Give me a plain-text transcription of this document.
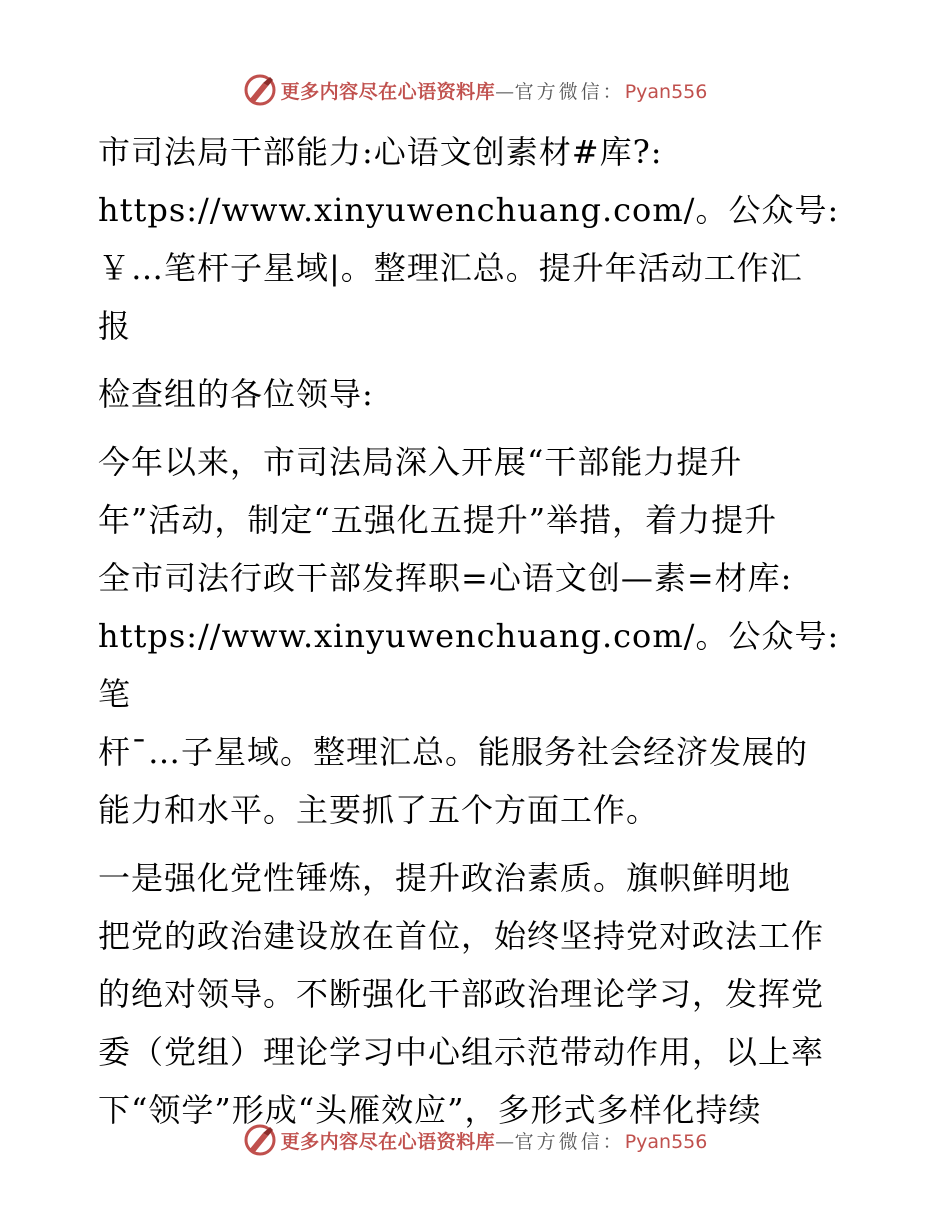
更多内容尽在心语资料库—官方微信：Pyan556

市司法局干部能力:心语文创素材#库?:
https://www.xinyuwenchuang.com/。公众号:
￥…笔杆子星域|。整理汇总。提升年活动工作汇
报

检查组的各位领导:

今年以来，市司法局深入开展“干部能力提升
年”活动，制定“五强化五提升”举措，着力提升
全市司法行政干部发挥职=心语文创—素=材库:
https://www.xinyuwenchuang.com/。公众号: 笔
杆¯…子星域。整理汇总。能服务社会经济发展的
能力和水平。主要抓了五个方面工作。

一是强化党性锤炼，提升政治素质。旗帜鲜明地
把党的政治建设放在首位，始终坚持党对政法工作
的绝对领导。不断强化干部政治理论学习，发挥党
委（党组）理论学习中心组示范带动作用，以上率
下“领学”形成“头雁效应”，多形式多样化持续

更多内容尽在心语资料库—官方微信：Pyan556
